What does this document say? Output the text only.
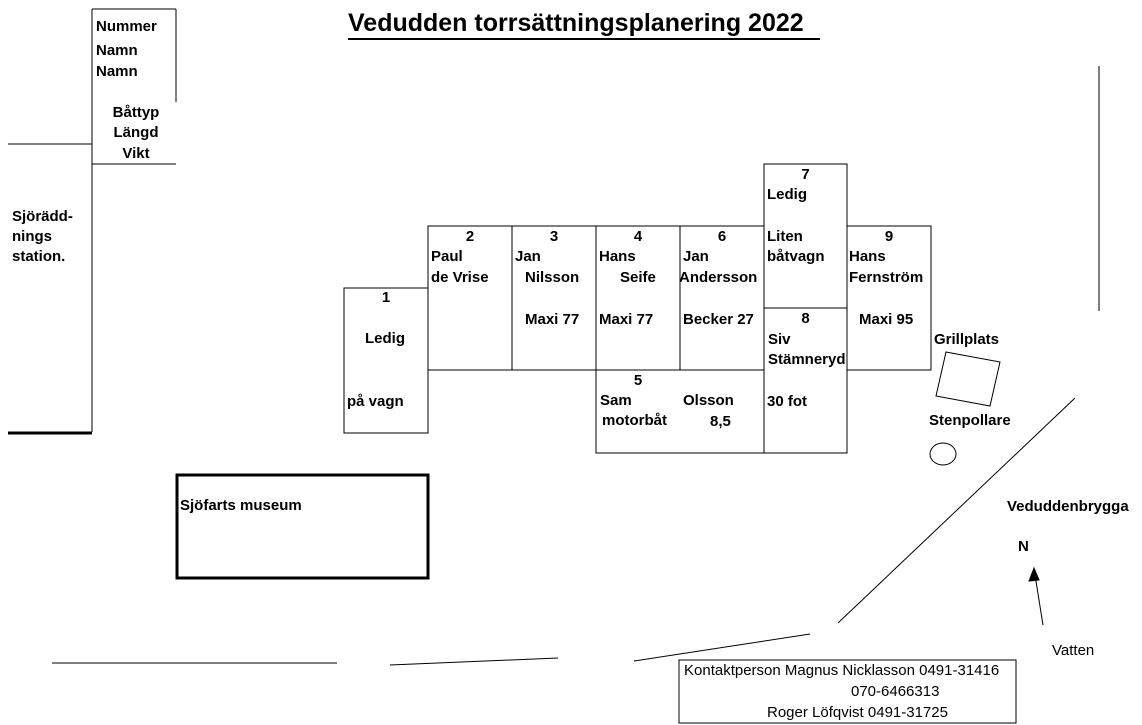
Vedudden torrsättningsplanering 2022
Nummer
Namn
Namn
Båttyp
Längd
Vikt
Sjörädd-
nings
station.
1
Ledig
på vagn
2
Paul
de Vrise
3
Jan
Nilsson
Maxi 77
4
Hans
Seife
Maxi 77
6
Jan
Andersson
Becker 27
5
Sam	Olsson
motorbåt	8,5
7
Ledig
Liten
båtvagn
8
Siv
Stämneryd
30 fot
9
Hans
Fernström
Maxi 95
Grillplats
Stenpollare
Sjöfarts museum	Veduddenbrygga
N
Vatten
Kontaktperson Magnus Nicklasson 0491-31416
070-6466313
Roger Löfqvist 0491-31725
